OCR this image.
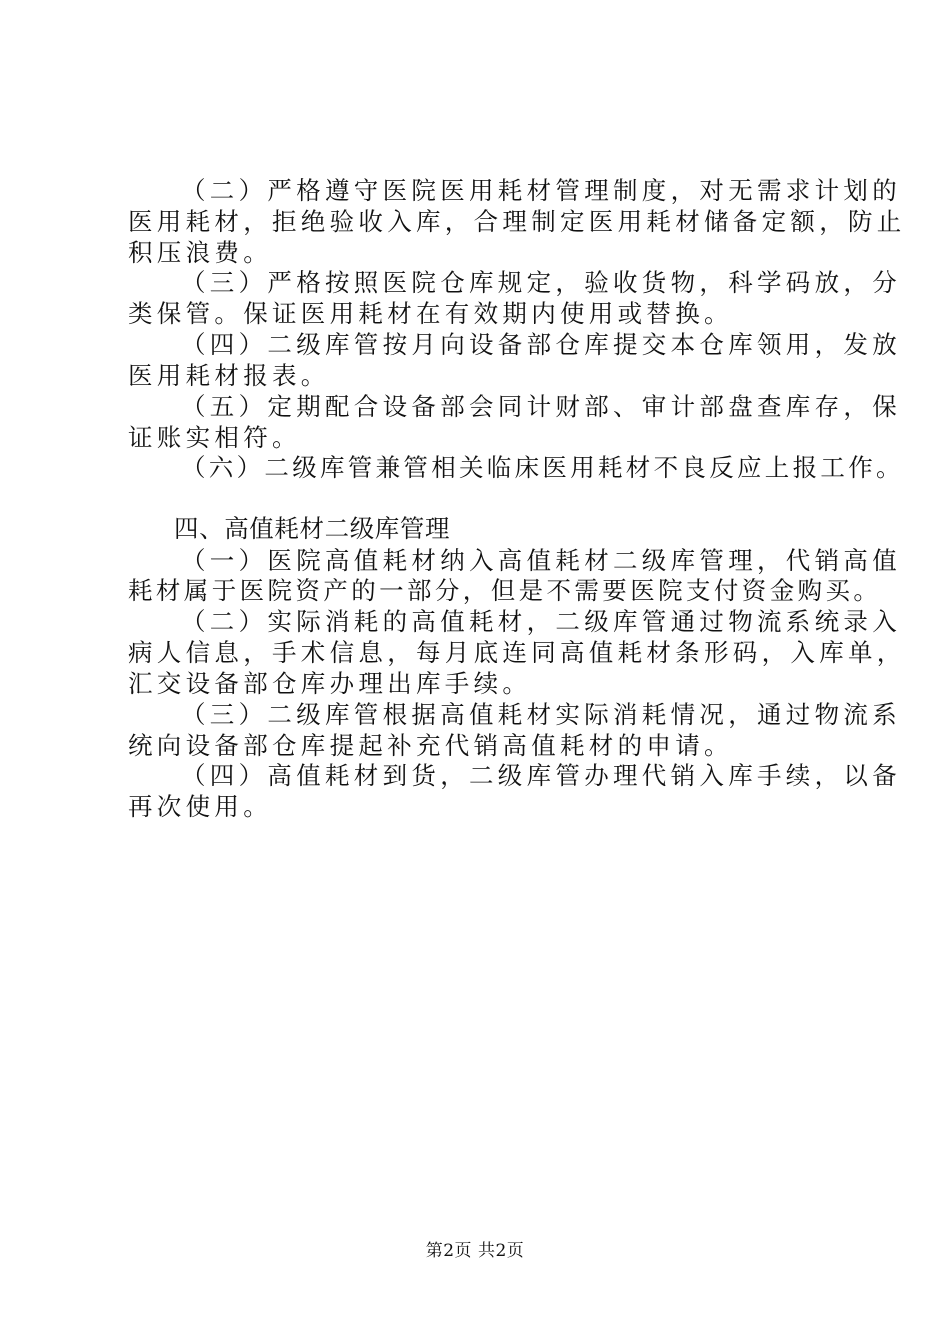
（二）严格遵守医院医用耗材管理制度，对无需求计划的
医用耗材，拒绝验收入库，合理制定医用耗材储备定额，防止
积压浪费。
（三）严格按照医院仓库规定，验收货物，科学码放，分
类保管。保证医用耗材在有效期内使用或替换。
（四）二级库管按月向设备部仓库提交本仓库领用，发放
医用耗材报表。
（五）定期配合设备部会同计财部、审计部盘查库存，保
证账实相符。
（六）二级库管兼管相关临床医用耗材不良反应上报工作。
四、高值耗材二级库管理
（一）医院高值耗材纳入高值耗材二级库管理，代销高值
耗材属于医院资产的一部分，但是不需要医院支付资金购买。
（二）实际消耗的高值耗材，二级库管通过物流系统录入
病人信息，手术信息，每月底连同高值耗材条形码，入库单，
汇交设备部仓库办理出库手续。
（三）二级库管根据高值耗材实际消耗情况，通过物流系
统向设备部仓库提起补充代销高值耗材的申请。
（四）高值耗材到货，二级库管办理代销入库手续，以备
再次使用。
第2页 共2页
